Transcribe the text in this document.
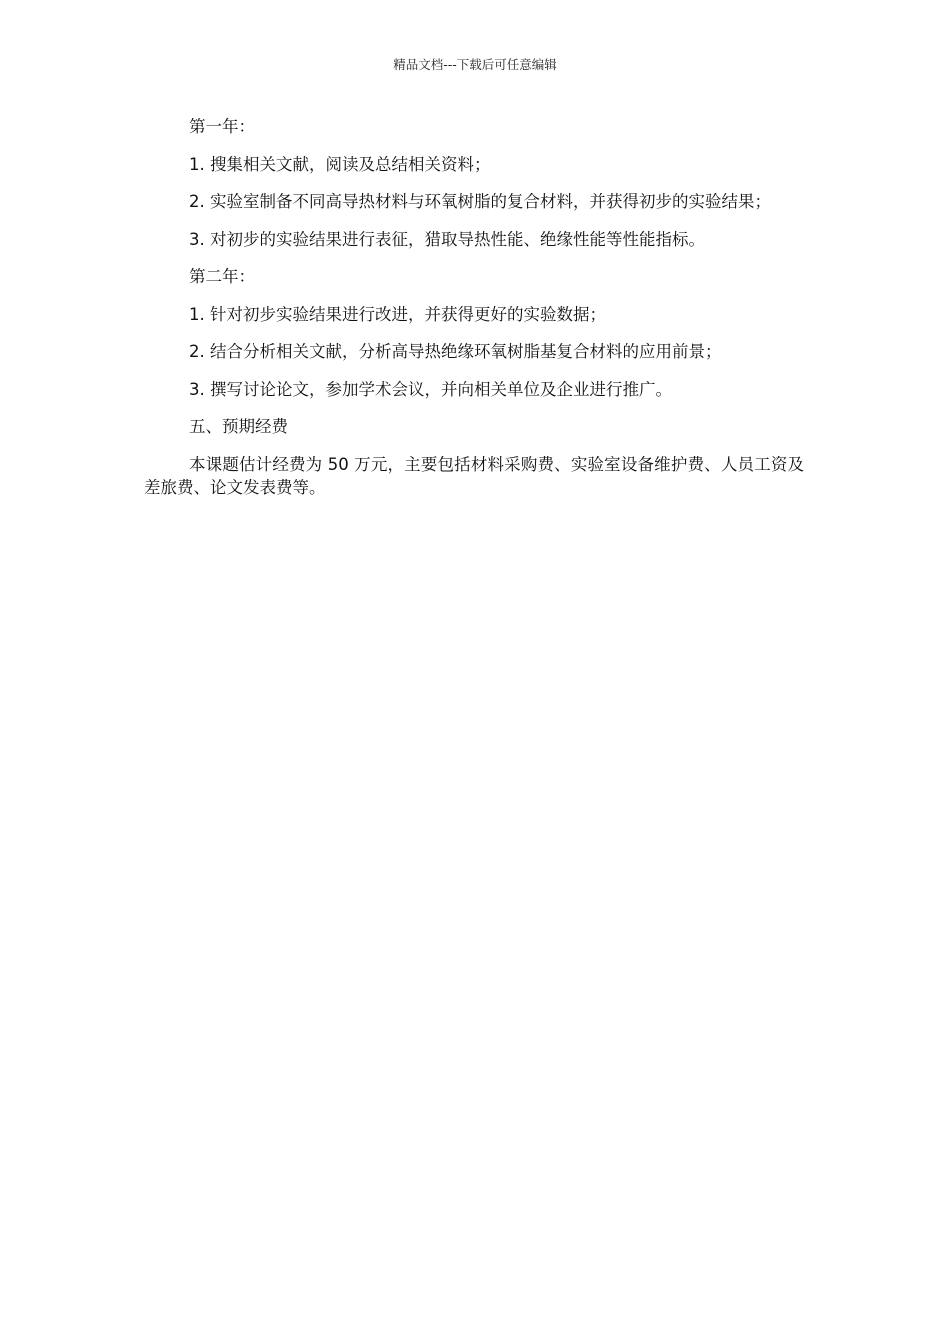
精品文档---下载后可任意编辑

第一年：

1. 搜集相关文献，阅读及总结相关资料；

2. 实验室制备不同高导热材料与环氧树脂的复合材料，并获得初步的实验结果；

3. 对初步的实验结果进行表征，猎取导热性能、绝缘性能等性能指标。

第二年：

1. 针对初步实验结果进行改进，并获得更好的实验数据；

2. 结合分析相关文献，分析高导热绝缘环氧树脂基复合材料的应用前景；

3. 撰写讨论论文，参加学术会议，并向相关单位及企业进行推广。

五、预期经费

本课题估计经费为 50 万元，主要包括材料采购费、实验室设备维护费、人员工资及差旅费、论文发表费等。
